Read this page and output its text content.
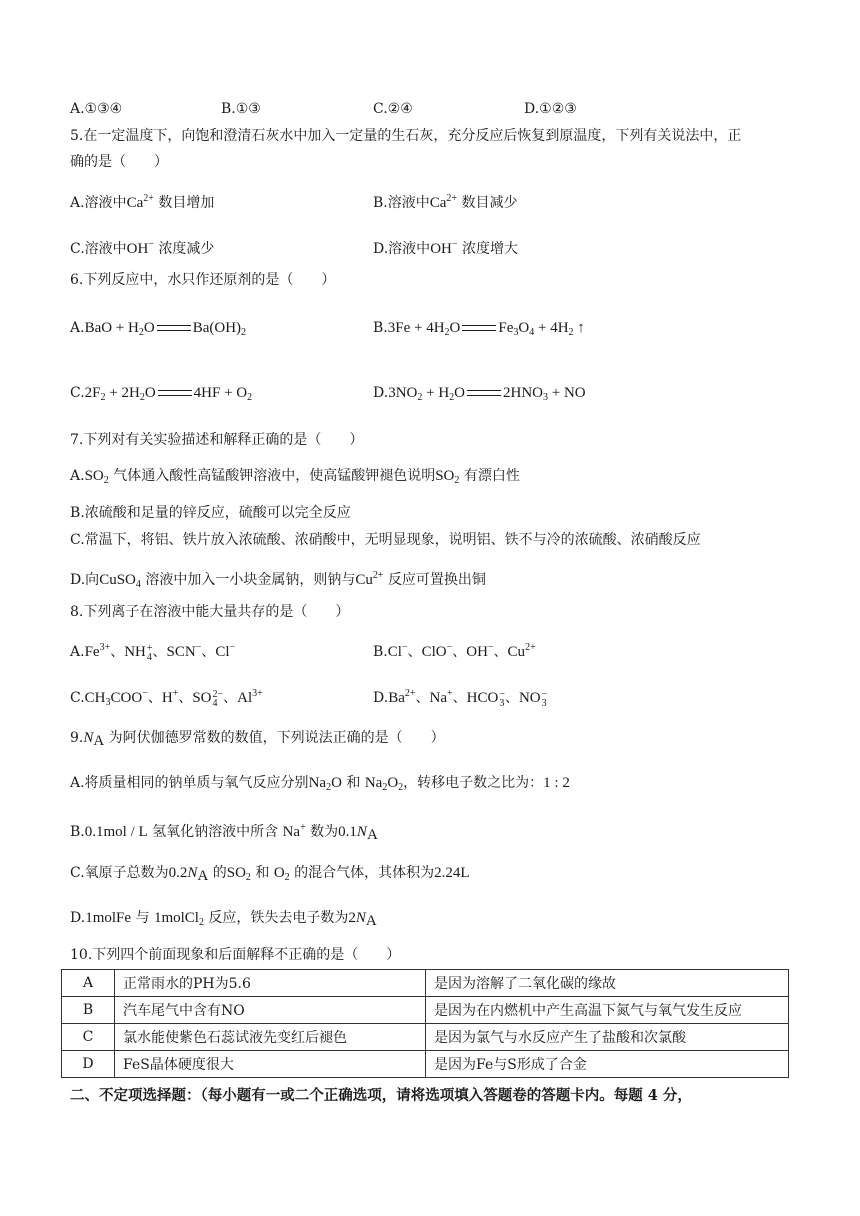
A.①③④	B.①③	C.②④	D.①②③
5.在一定温度下，向饱和澄清石灰水中加入一定量的生石灰，充分反应后恢复到原温度，下列有关说法中，正
确的是（　　）
A.溶液中$Ca^{2+}$ 数目增加	B.溶液中$Ca^{2+}$ 数目减少
C.溶液中OH− 浓度减少	D.溶液中OH− 浓度增大
6.下列反应中，水只作还原剂的是（　　）
$A.BaO + H_2O$	$Ba(OH)_2$	$B.3Fe + 4H_2O$	$Fe_3O_4 + 4H_2$ ↑
$C.2F_2 + 2H_2O$	$4HF + O_2$	$D.3NO_2 + H_2O$	$2HNO_3$ + NO
7.下列对有关实验描述和解释正确的是（　　）
$A.SO_2$ 气体通入酸性高锰酸钾溶液中，使高锰酸钾褪色说明$SO_2$ 有漂白性
B.浓硫酸和足量的锌反应，硫酸可以完全反应
C.常温下，将铝、铁片放入浓硫酸、浓硝酸中，无明显现象，说明铝、铁不与冷的浓硫酸、浓硝酸反应
D.向CuSO$_4$ 溶液中加入一小块金属钠，则钠与$Cu^{2+}$ 反应可置换出铜
8.下列离子在溶液中能大量共存的是（　　）
$A.Fe^{3+}$、NH +
4 、SCN−、Cl−	B.Cl−、ClO−、OH−、$Cu^{2+}$
$C.CH_3COO^-$、H+、SO 2−
4 、$Al^{3+}$	$D.Ba^{2+}$、Na+、HCO −
3 、NO −
3
$9.N_A$ 为阿伏伽德罗常数的数值，下列说法正确的是（　　）
A.将质量相同的钠单质与氧气反应分别$Na_2O$ 和 $Na_2O_2$，转移电子数之比为：1 : 2
B.0.1mol / L 氢氧化钠溶液中所含 Na+ 数为$0.1N_A$
C.氧原子总数为$0.2N_A$ 的$SO_2$ 和 $O_2$ 的混合气体，其体积为2.24L
D.1molFe 与 1molCl$_2$ 反应，铁失去电子数为$2N_A$
10.下列四个前面现象和后面解释不正确的是（　　）
A	正常雨水的PH为5.6	是因为溶解了二氧化碳的缘故
B	汽车尾气中含有NO	是因为在内燃机中产生高温下氮气与氧气发生反应
C	氯水能使紫色石蕊试液先变红后褪色	是因为氯气与水反应产生了盐酸和次氯酸
D	FeS晶体硬度很大	是因为Fe与S形成了合金
二、不定项选择题：（每小题有一或二个正确选项，请将选项填入答题卷的答题卡内。每题 4 分，
